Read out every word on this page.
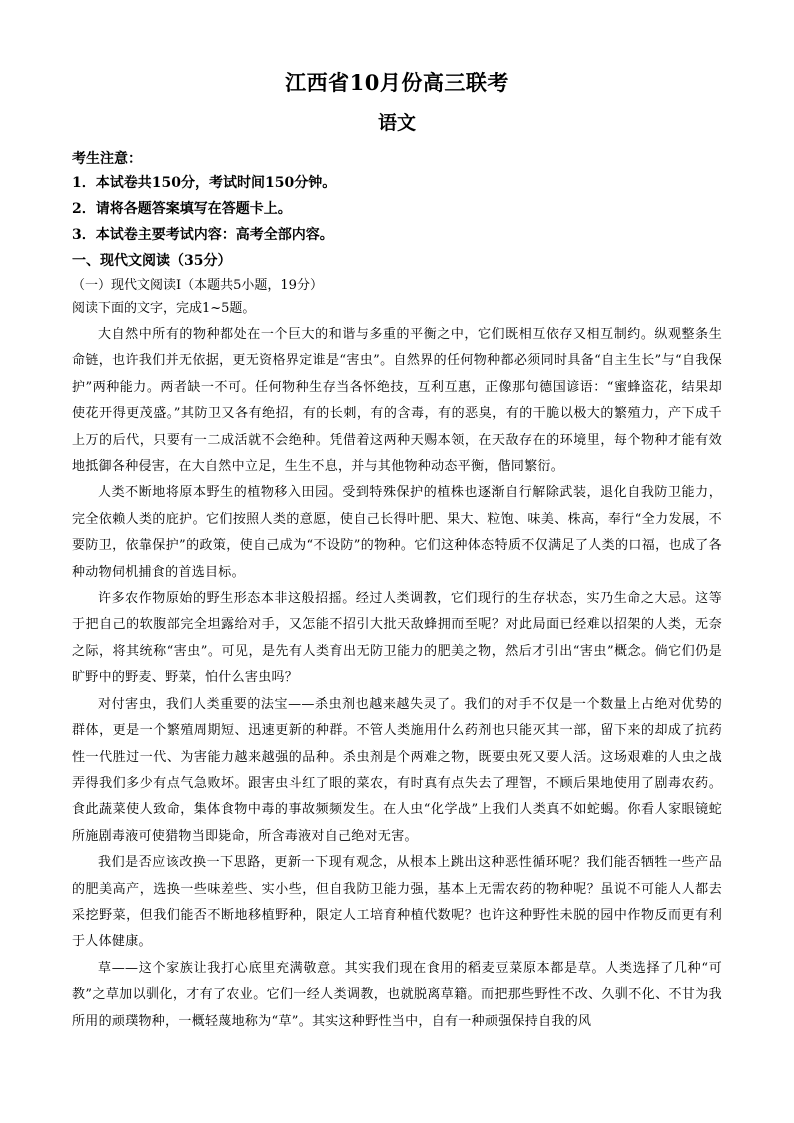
江西省10月份高三联考
语文

考生注意：

1．本试卷共150分，考试时间150分钟。

2．请将各题答案填写在答题卡上。

3．本试卷主要考试内容：高考全部内容。

一、现代文阅读（35分）

（一）现代文阅读Ⅰ（本题共5小题，19分）

阅读下面的文字，完成1~5题。

大自然中所有的物种都处在一个巨大的和谐与多重的平衡之中，它们既相互依存又相互制约。纵观整条生命链，也许我们并无依据，更无资格界定谁是“害虫”。自然界的任何物种都必须同时具备“自主生长”与“自我保护”两种能力。两者缺一不可。任何物种生存当各怀绝技，互利互惠，正像那句德国谚语：“蜜蜂盗花，结果却使花开得更茂盛。”其防卫又各有绝招，有的长刺，有的含毒，有的恶臭，有的干脆以极大的繁殖力，产下成千上万的后代，只要有一二成活就不会绝种。凭借着这两种天赐本领，在天敌存在的环境里，每个物种才能有效地抵御各种侵害，在大自然中立足，生生不息，并与其他物种动态平衡，偕同繁衍。

人类不断地将原本野生的植物移入田园。受到特殊保护的植株也逐渐自行解除武装，退化自我防卫能力，完全依赖人类的庇护。它们按照人类的意愿，使自己长得叶肥、果大、粒饱、味美、株高，奉行“全力发展，不要防卫，依靠保护”的政策，使自己成为“不设防”的物种。它们这种体态特质不仅满足了人类的口福，也成了各种动物伺机捕食的首选目标。

许多农作物原始的野生形态本非这般招摇。经过人类调教，它们现行的生存状态，实乃生命之大忌。这等于把自己的软腹部完全坦露给对手，又怎能不招引大批天敌蜂拥而至呢？对此局面已经难以招架的人类，无奈之际，将其统称“害虫”。可见，是先有人类育出无防卫能力的肥美之物，然后才引出“害虫”概念。倘它们仍是旷野中的野麦、野菜，怕什么害虫吗？

对付害虫，我们人类重要的法宝——杀虫剂也越来越失灵了。我们的对手不仅是一个数量上占绝对优势的群体，更是一个繁殖周期短、迅速更新的种群。不管人类施用什么药剂也只能灭其一部，留下来的却成了抗药性一代胜过一代、为害能力越来越强的品种。杀虫剂是个两难之物，既要虫死又要人活。这场艰难的人虫之战弄得我们多少有点气急败坏。跟害虫斗红了眼的菜农，有时真有点失去了理智，不顾后果地使用了剧毒农药。食此蔬菜使人致命，集体食物中毒的事故频频发生。在人虫“化学战”上我们人类真不如蛇蝎。你看人家眼镜蛇所施剧毒液可使猎物当即毙命，所含毒液对自己绝对无害。

我们是否应该改换一下思路，更新一下现有观念，从根本上跳出这种恶性循环呢？我们能否牺牲一些产品的肥美高产，选换一些味差些、实小些，但自我防卫能力强，基本上无需农药的物种呢？虽说不可能人人都去采挖野菜，但我们能否不断地移植野种，限定人工培育种植代数呢？也许这种野性未脱的园中作物反而更有利于人体健康。

草——这个家族让我打心底里充满敬意。其实我们现在食用的稻麦豆菜原本都是草。人类选择了几种“可教”之草加以驯化，才有了农业。它们一经人类调教，也就脱离草籍。而把那些野性不改、久驯不化、不甘为我所用的顽璞物种，一概轻蔑地称为“草”。其实这种野性当中，自有一种顽强保持自我的风
